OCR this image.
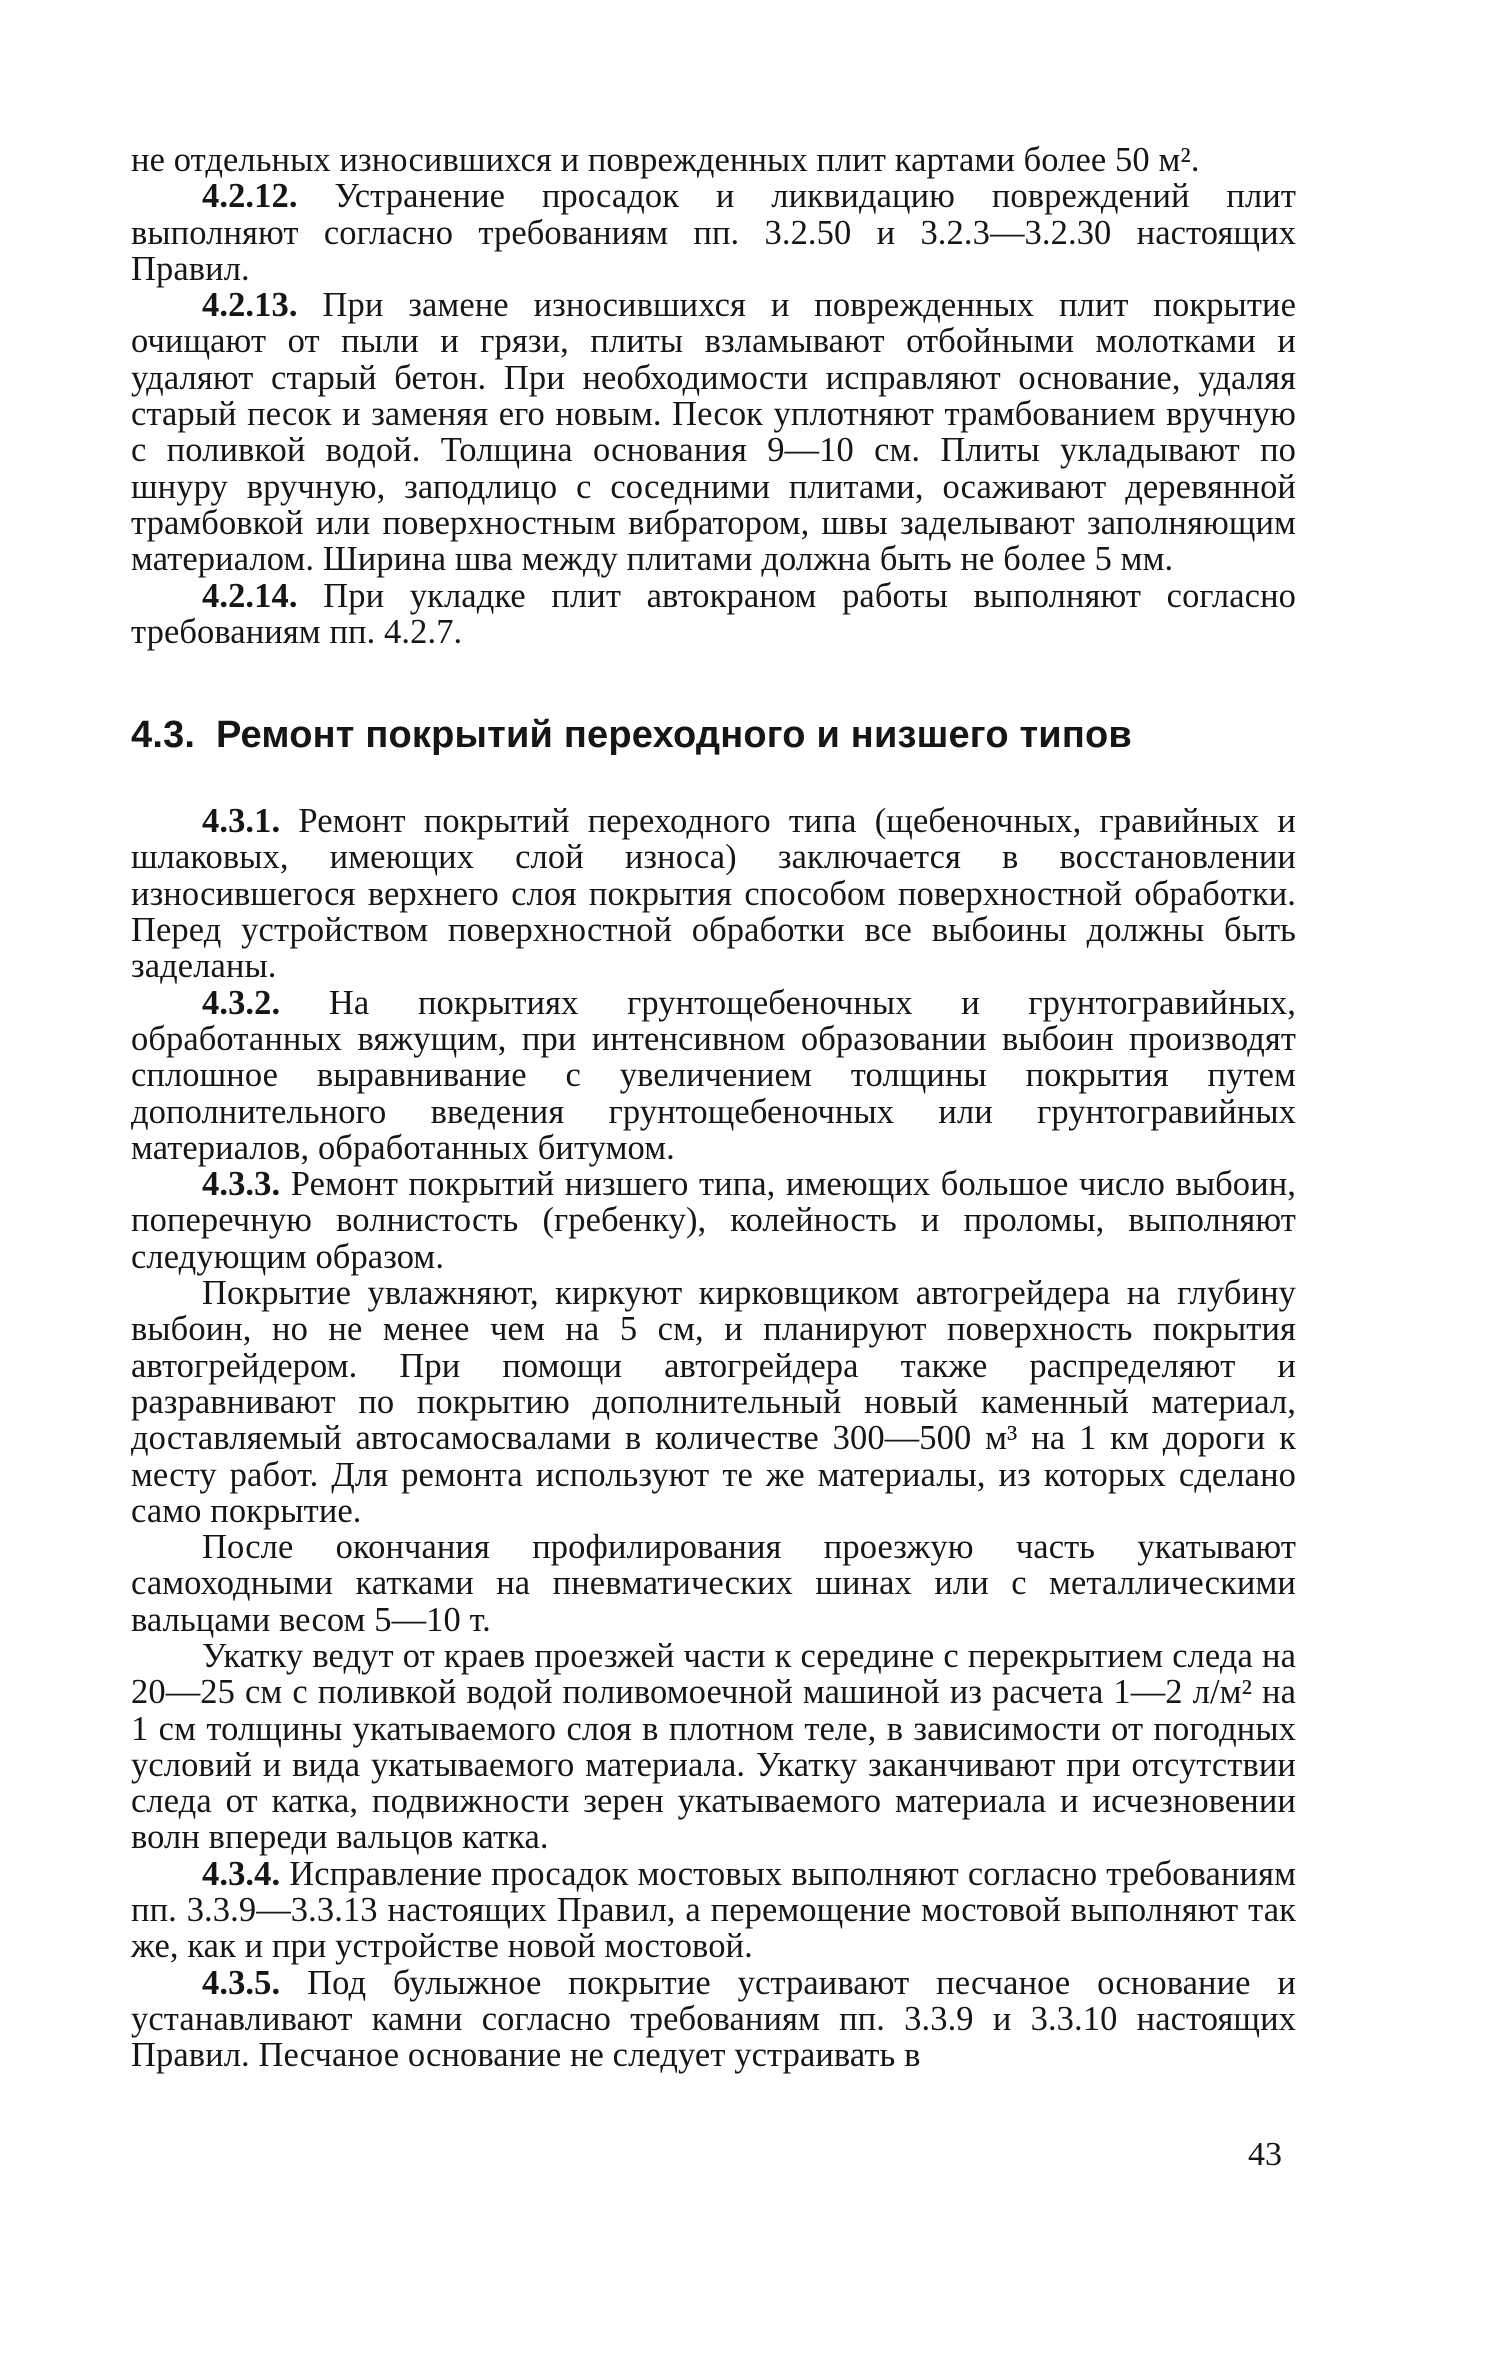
не отдельных износившихся и поврежденных плит картами более 50 м².

4.2.12. Устранение просадок и ликвидацию повреждений плит выполняют согласно требованиям пп. 3.2.50 и 3.2.3—3.2.30 настоящих Правил.

4.2.13. При замене износившихся и поврежденных плит покрытие очищают от пыли и грязи, плиты взламывают отбойными молотками и удаляют старый бетон. При необходимости исправляют основание, удаляя старый песок и заменяя его новым. Песок уплотняют трамбованием вручную с поливкой водой. Толщина основания 9—10 см. Плиты укладывают по шнуру вручную, заподлицо с соседними плитами, осаживают деревянной трамбовкой или поверхностным вибратором, швы заделывают заполняющим материалом. Ширина шва между плитами должна быть не более 5 мм.

4.2.14. При укладке плит автокраном работы выполняют согласно требованиям пп. 4.2.7.

4.3. Ремонт покрытий переходного и низшего типов

4.3.1. Ремонт покрытий переходного типа (щебеночных, гравийных и шлаковых, имеющих слой износа) заключается в восстановлении износившегося верхнего слоя покрытия способом поверхностной обработки. Перед устройством поверхностной обработки все выбоины должны быть заделаны.

4.3.2. На покрытиях грунтощебеночных и грунтогравийных, обработанных вяжущим, при интенсивном образовании выбоин производят сплошное выравнивание с увеличением толщины покрытия путем дополнительного введения грунтощебеночных или грунтогравийных материалов, обработанных битумом.

4.3.3. Ремонт покрытий низшего типа, имеющих большое число выбоин, поперечную волнистость (гребенку), колейность и проломы, выполняют следующим образом.

Покрытие увлажняют, киркуют кирковщиком автогрейдера на глубину выбоин, но не менее чем на 5 см, и планируют поверхность покрытия автогрейдером. При помощи автогрейдера также распределяют и разравнивают по покрытию дополнительный новый каменный материал, доставляемый автосамосвалами в количестве 300—500 м³ на 1 км дороги к месту работ. Для ремонта используют те же материалы, из которых сделано само покрытие.

После окончания профилирования проезжую часть укатывают самоходными катками на пневматических шинах или с металлическими вальцами весом 5—10 т.

Укатку ведут от краев проезжей части к середине с перекрытием следа на 20—25 см с поливкой водой поливомоечной машиной из расчета 1—2 л/м² на 1 см толщины укатываемого слоя в плотном теле, в зависимости от погодных условий и вида укатываемого материала. Укатку заканчивают при отсутствии следа от катка, подвижности зерен укатываемого материала и исчезновении волн впереди вальцов катка.

4.3.4. Исправление просадок мостовых выполняют согласно требованиям пп. 3.3.9—3.3.13 настоящих Правил, а перемощение мостовой выполняют так же, как и при устройстве новой мостовой.

4.3.5. Под булыжное покрытие устраивают песчаное основание и устанавливают камни согласно требованиям пп. 3.3.9 и 3.3.10 настоящих Правил. Песчаное основание не следует устраивать в

43
